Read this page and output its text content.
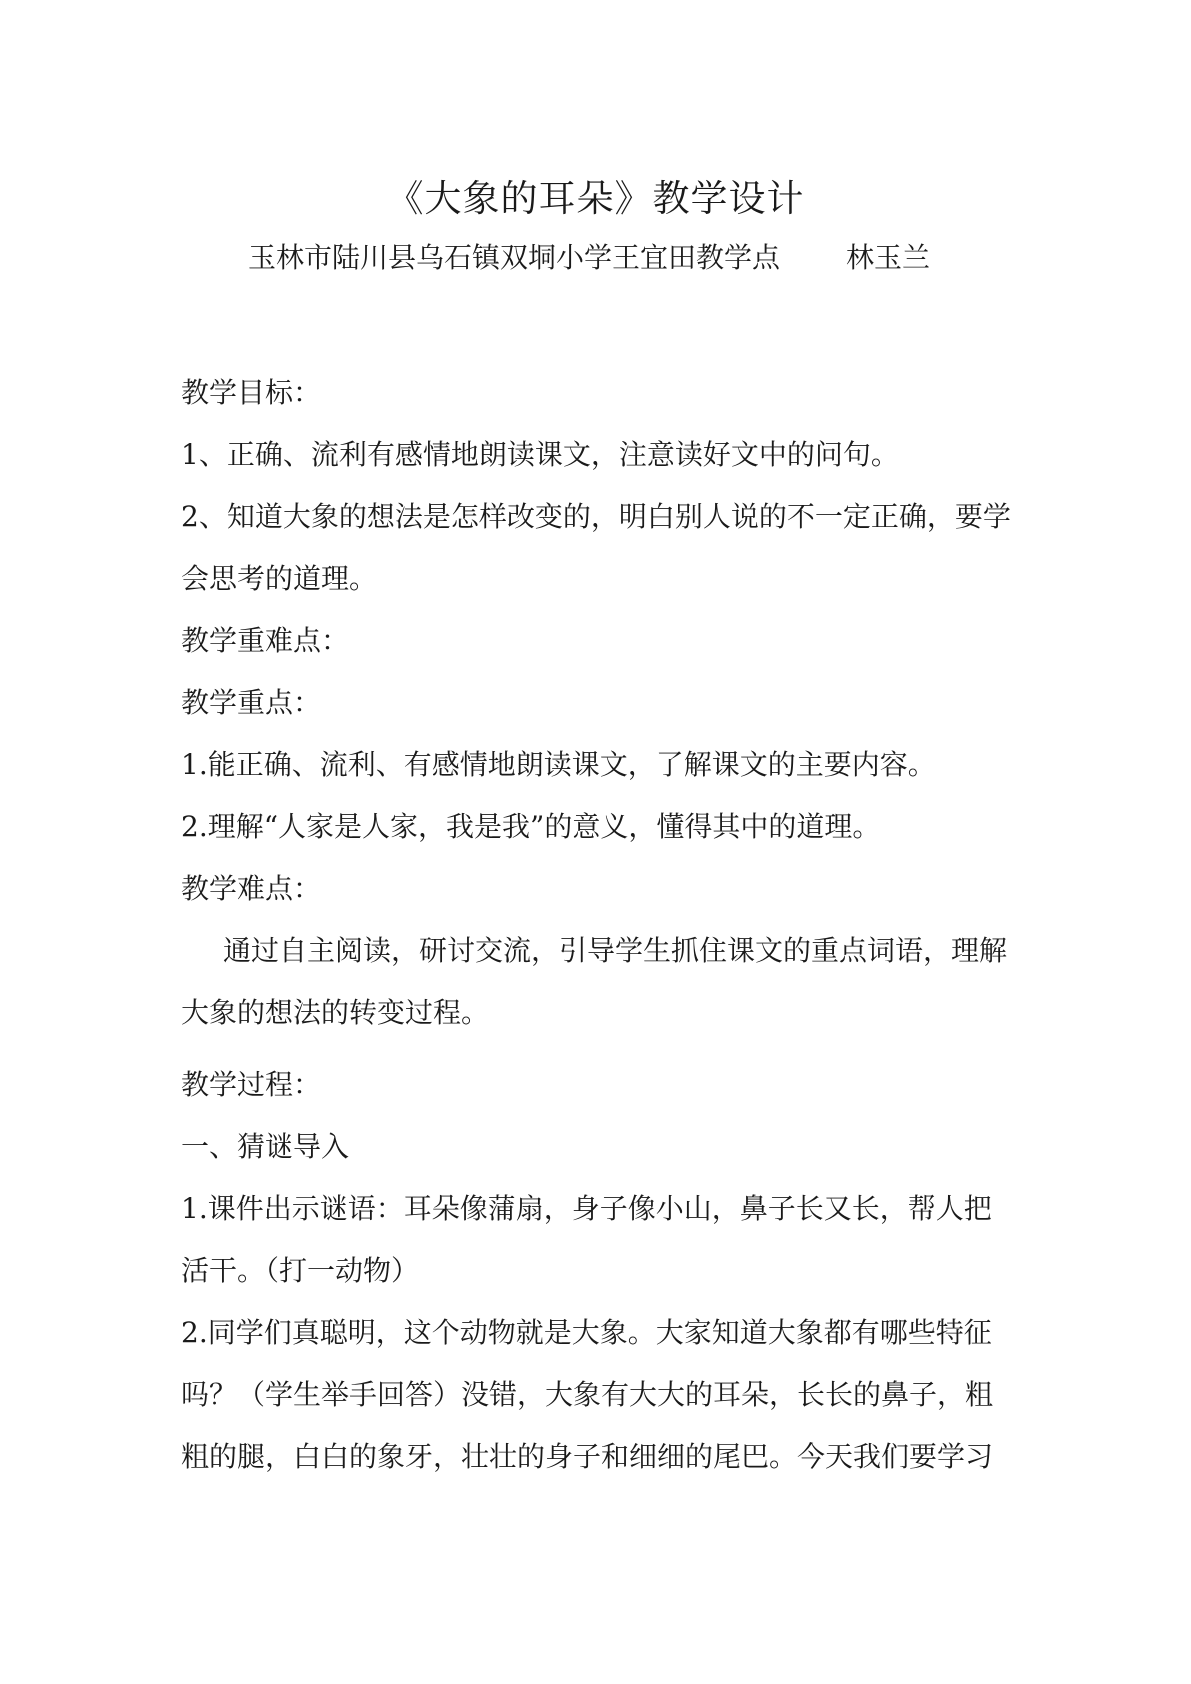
《大象的耳朵》教学设计
玉林市陆川县乌石镇双垌小学王宜田教学点 林玉兰

教学目标：

1、正确、流利有感情地朗读课文，注意读好文中的问句。

2、知道大象的想法是怎样改变的，明白别人说的不一定正确，要学会思考的道理。

教学重难点：

教学重点：

1.能正确、流利、有感情地朗读课文，了解课文的主要内容。

2.理解“人家是人家，我是我”的意义，懂得其中的道理。

教学难点：

通过自主阅读，研讨交流，引导学生抓住课文的重点词语，理解大象的想法的转变过程。

教学过程：

一、猜谜导入

1.课件出示谜语：耳朵像蒲扇，身子像小山，鼻子长又长，帮人把活干。（打一动物）

2.同学们真聪明，这个动物就是大象。大家知道大象都有哪些特征吗？（学生举手回答）没错，大象有大大的耳朵，长长的鼻子，粗粗的腿，白白的象牙，壮壮的身子和细细的尾巴。今天我们要学习
